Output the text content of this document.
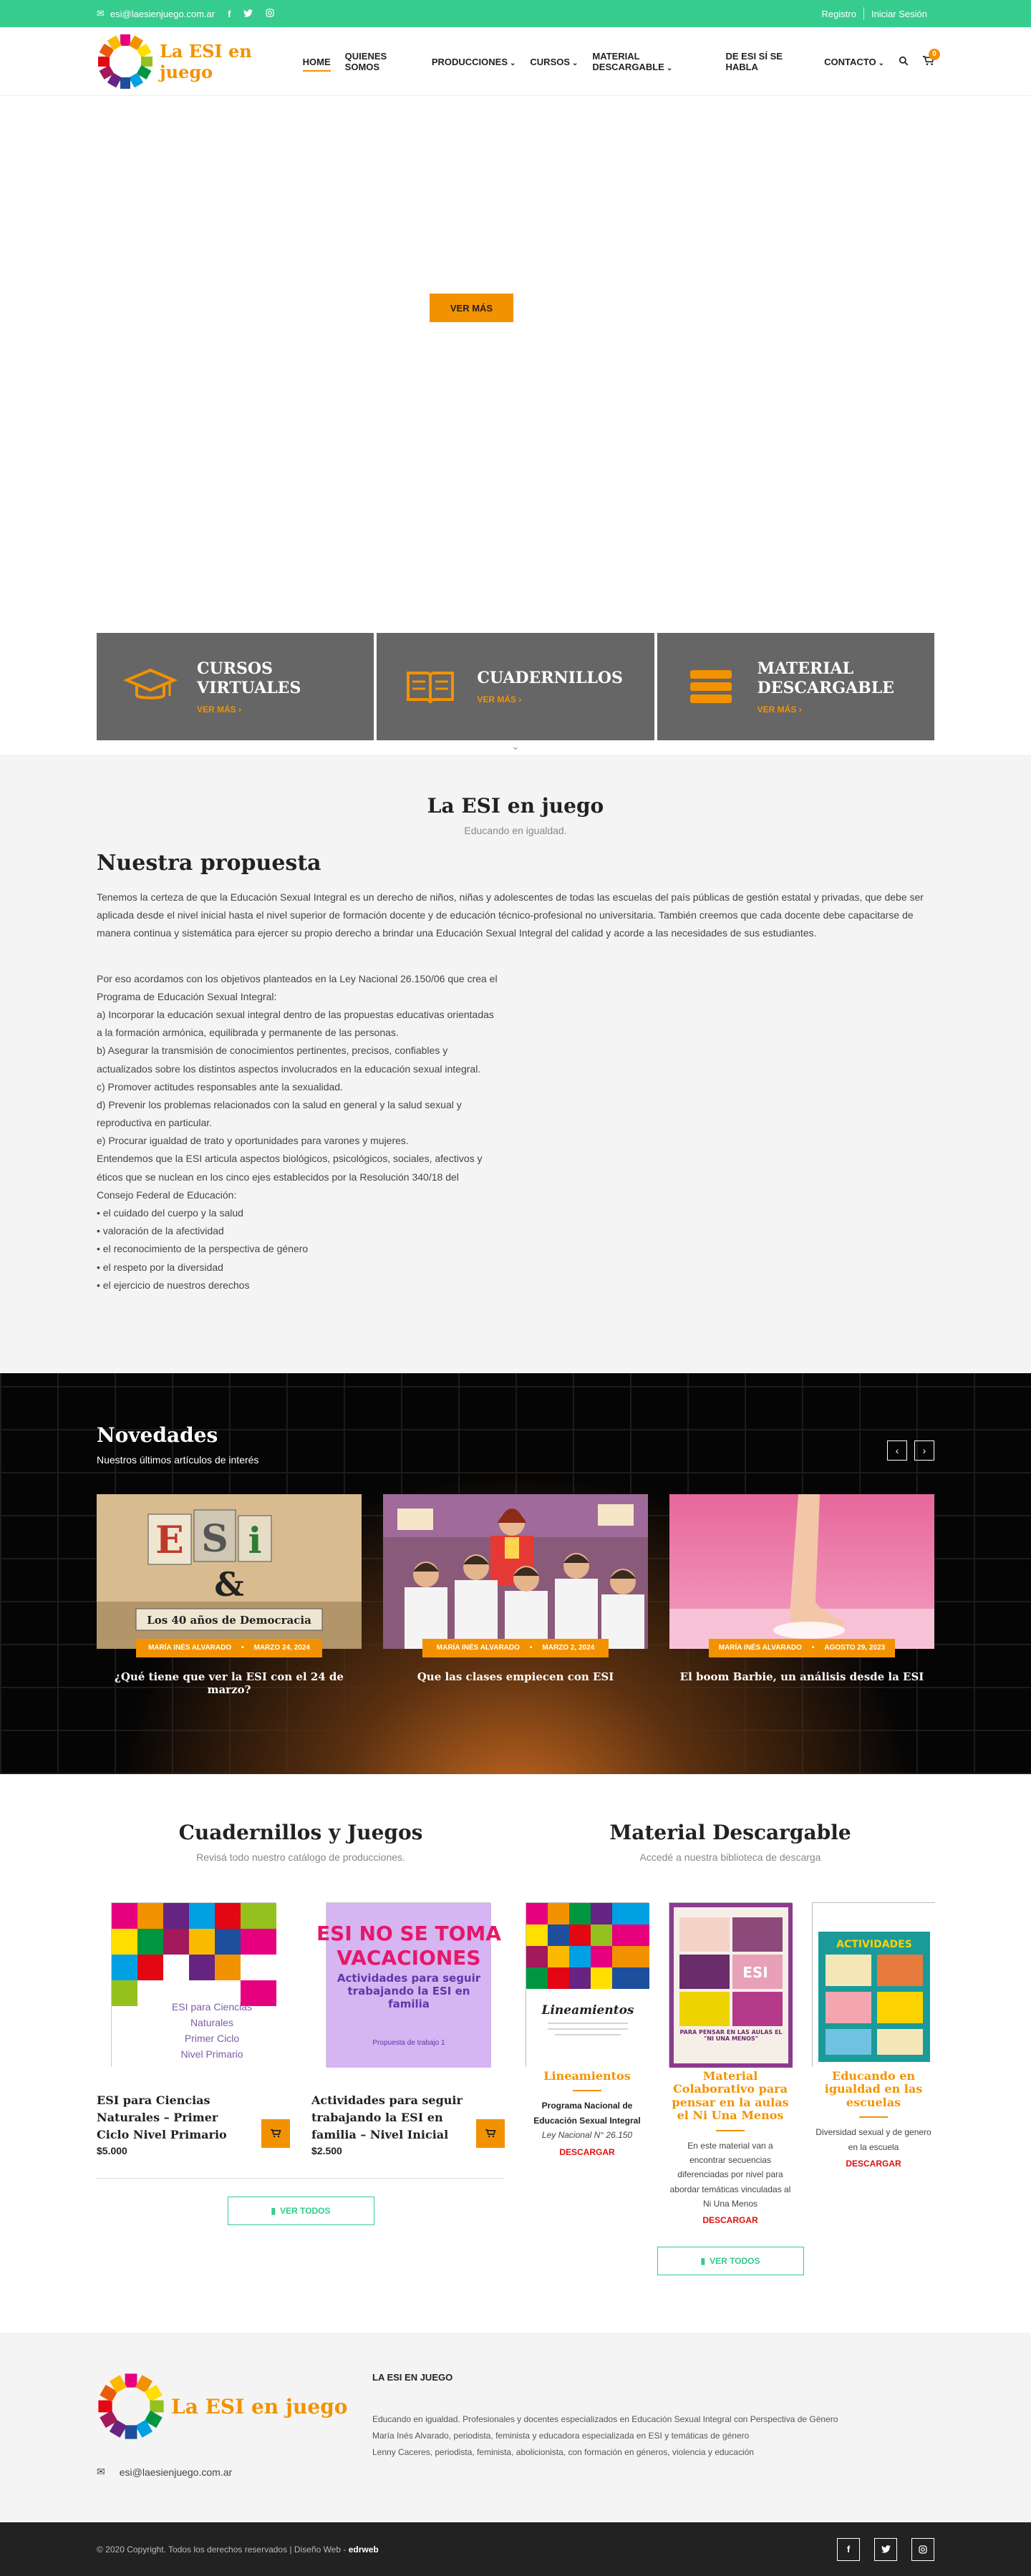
✉ esi@laesienjuego.com.ar f	Registro	Iniciar Sesión
La ESI en juego	HOME QUIENES SOMOS	PRODUCCIONES ⌄ CURSOS ⌄
MATERIAL DESCARGABLE ⌄
DE ESI SÍ SE HABLA	CONTACTO ⌄
0
VER MÁS
CURSOS VIRTUALES
VER MÁS ›
CUADERNILLOS
VER MÁS ›
MATERIAL DESCARGABLE
VER MÁS ›
⌄
La ESI en juego
Educando en igualdad.
Nuestra propuesta

Tenemos la certeza de que la Educación Sexual Integral es un derecho de niños, niñas y adolescentes de todas las escuelas del país públicas de gestión estatal y privadas, que debe ser aplicada desde el nivel inicial hasta el nivel superior de formación docente y de educación técnico-profesional no universitaria. También creemos que cada docente debe capacitarse de manera continua y sistemática para ejercer su propio derecho a brindar una Educación Sexual Integral del calidad y acorde a las necesidades de sus estudiantes.

Por eso acordamos con los objetivos planteados en la Ley Nacional 26.150/06 que crea el Programa de Educación Sexual Integral:
a) Incorporar la educación sexual integral dentro de las propuestas educativas orientadas a la formación armónica, equilibrada y permanente de las personas.
b) Asegurar la transmisión de conocimientos pertinentes, precisos, confiables y actualizados sobre los distintos aspectos involucrados en la educación sexual integral.
c) Promover actitudes responsables ante la sexualidad.
d) Prevenir los problemas relacionados con la salud en general y la salud sexual y reproductiva en particular.
e) Procurar igualdad de trato y oportunidades para varones y mujeres.
Entendemos que la ESI articula aspectos biológicos, psicológicos, sociales, afectivos y éticos que se nuclean en los cinco ejes establecidos por la Resolución 340/18 del Consejo Federal de Educación:
• el cuidado del cuerpo y la salud
• valoración de la afectividad
• el reconocimiento de la perspectiva de género
• el respeto por la diversidad
• el ejercicio de nuestros derechos
Novedades
Nuestros últimos artículos de interés
‹	›
E S i
&
Los 40 años de Democracia
MARÍA INÉS ALVARADO • MARZO 24, 2024
¿Qué tiene que ver la ESI con el 24 de marzo?
MARÍA INÉS ALVARADO • MARZO 2, 2024
Que las clases empiecen con ESI
MARÍA INÉS ALVARADO • AGOSTO 29, 2023
El boom Barbie, un análisis desde la ESI
Cuadernillos y Juegos
Revisá todo nuestro catálogo de producciones.
ESI para Ciencias
Naturales
Primer Ciclo
Nivel Primario
ESI para Ciencias Naturales – Primer Ciclo Nivel Primario
$5.000
ESI NO SE TOMA
VACACIONES
Actividades para seguir trabajando la ESI en familia
Propuesta de trabajo 1
Actividades para seguir trabajando la ESI en familia – Nivel Inicial
$2.500
▮ VER TODOS
Material Descargable
Accedé a nuestra biblioteca de descarga
Lineamientos
Lineamientos
Programa Nacional de Educación Sexual Integral
Ley Nacional N° 26.150
DESCARGAR
ESI
PARA PENSAR EN LAS AULAS EL "NI UNA MENOS"
Material Colaborativo para pensar en la aulas el Ni Una Menos
En este material van a encontrar secuencias diferenciadas por nivel para abordar temáticas vinculadas al Ni Una Menos
DESCARGAR
ACTIVIDADES
Educando en igualdad en las escuelas
Diversidad sexual y de genero en la escuela
DESCARGAR
▮ VER TODOS
La ESI en juego
✉ esi@laesienjuego.com.ar
LA ESI EN JUEGO
Educando en igualdad. Profesionales y docentes especializados en Educación Sexual Integral con Perspectiva de Género
María Inés Alvarado, periodista, feminista y educadora especializada en ESI y temáticas de género
Lenny Caceres, periodista, feminista, abolicionista, con formación en géneros, violencia y educación
© 2020 Copyright. Todos los derechos reservados | Diseño Web - edrweb	f
